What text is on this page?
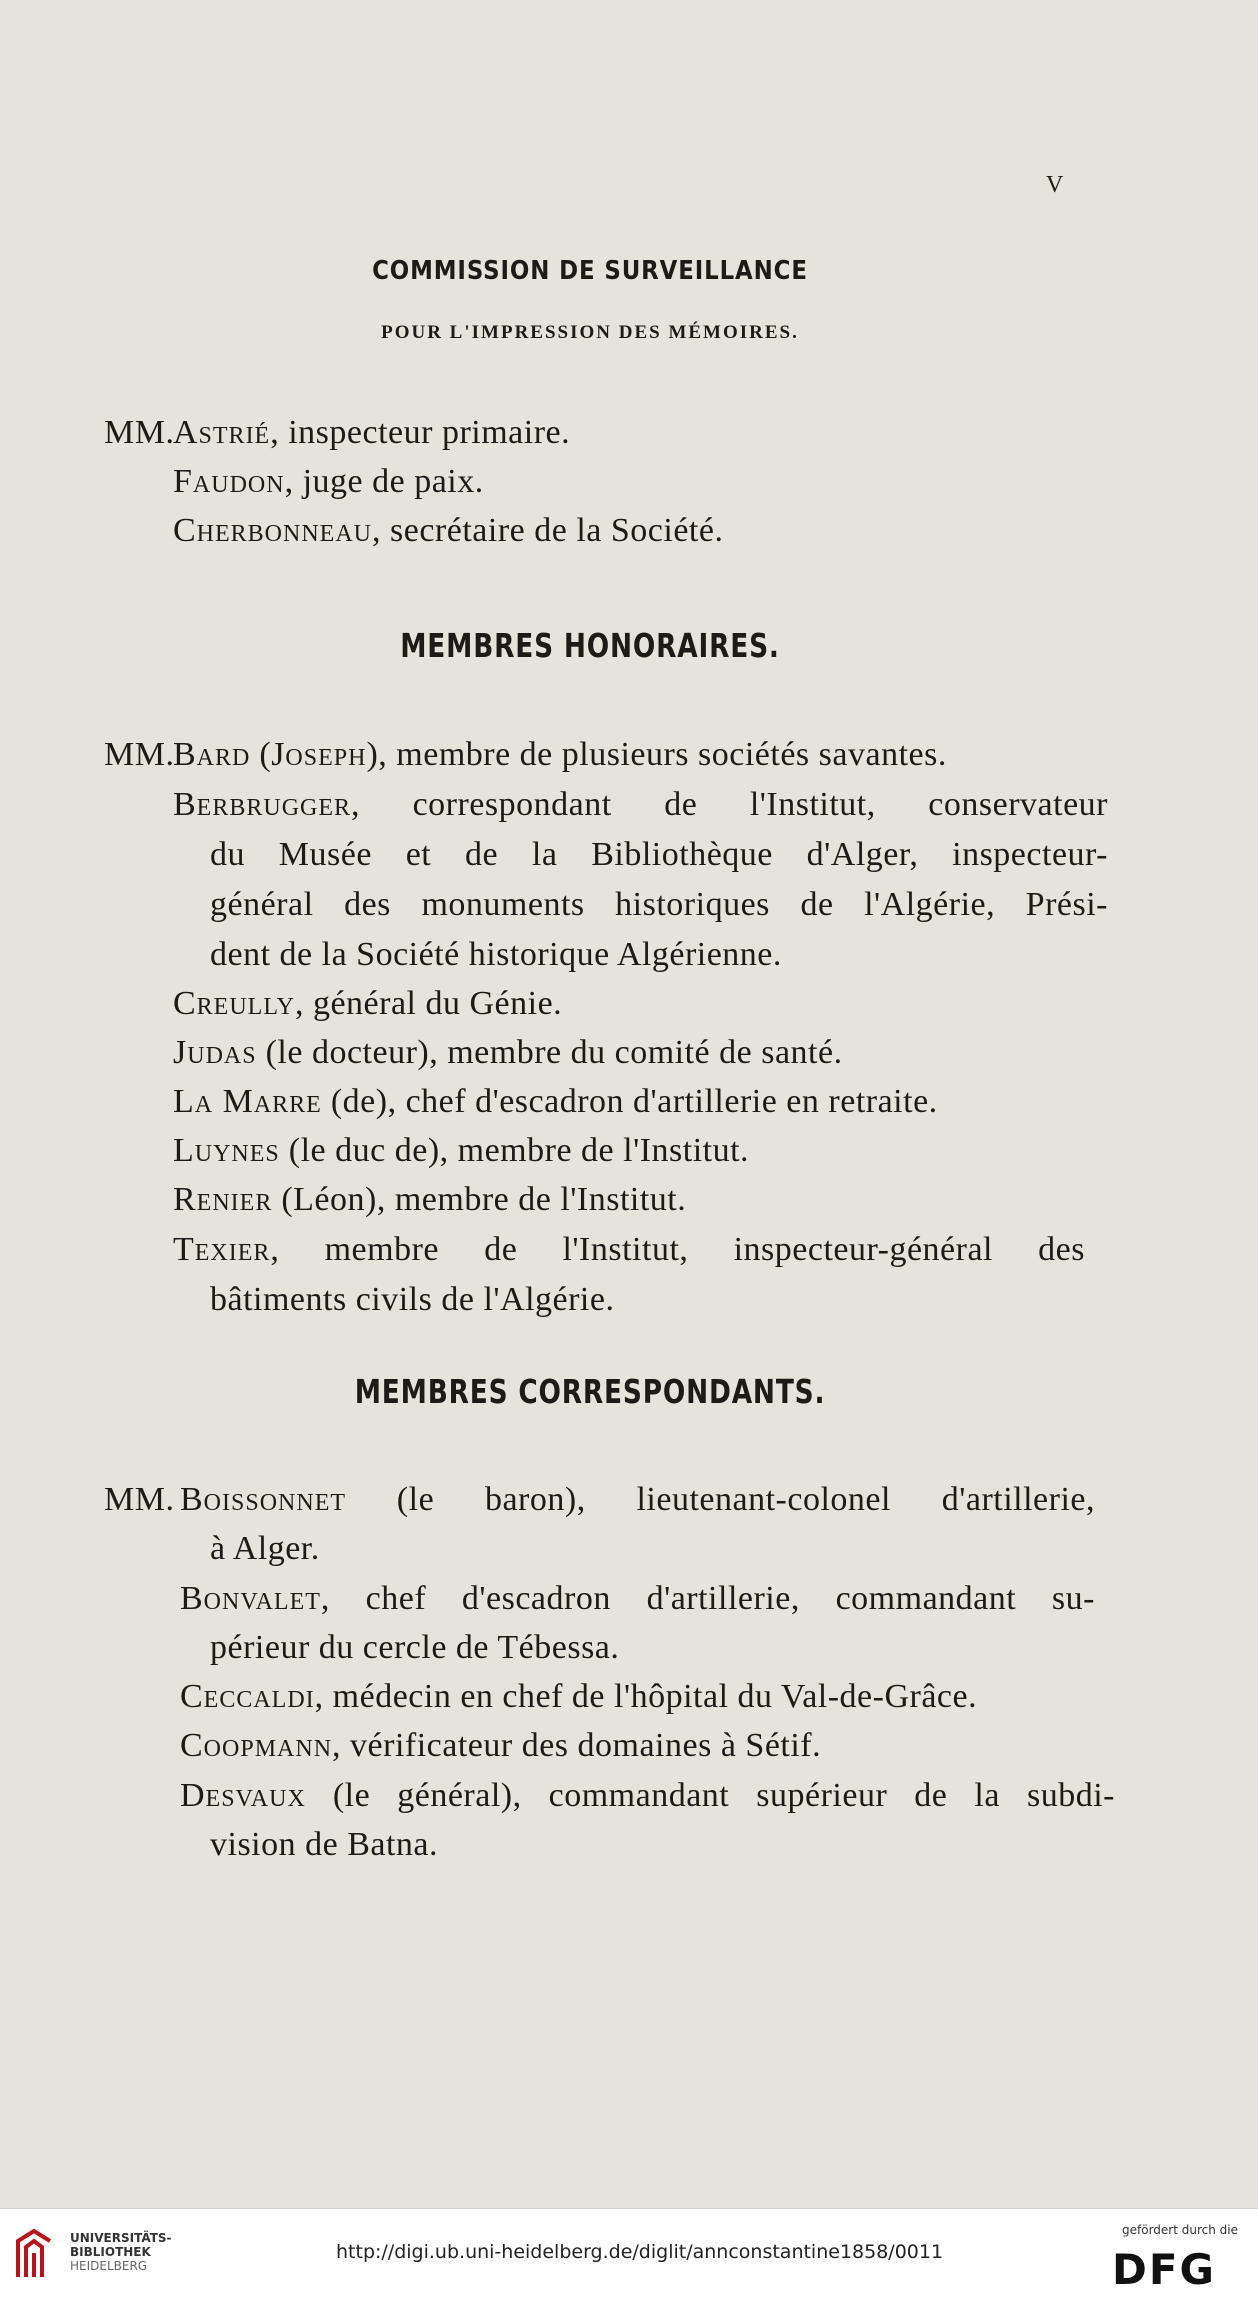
V
COMMISSION DE SURVEILLANCE
POUR L'IMPRESSION DES MÉMOIRES.
MM.
Astrié, inspecteur primaire.
Faudon, juge de paix.
Cherbonneau, secrétaire de la Société.
MEMBRES HONORAIRES.
MM.
Bard (Joseph), membre de plusieurs sociétés savantes.
Berbrugger, correspondant de l'Institut, conservateur
du Musée et de la Bibliothèque d'Alger, inspecteur-
général des monuments historiques de l'Algérie, Prési-
dent de la Société historique Algérienne.
Creully, général du Génie.
Judas (le docteur), membre du comité de santé.
La Marre (de), chef d'escadron d'artillerie en retraite.
Luynes (le duc de), membre de l'Institut.
Renier (Léon), membre de l'Institut.
Texier, membre de l'Institut, inspecteur-général des
bâtiments civils de l'Algérie.
MEMBRES CORRESPONDANTS.
MM. Boissonnet (le baron), lieutenant-colonel d'artillerie,
à Alger.
Bonvalet, chef d'escadron d'artillerie, commandant su-
périeur du cercle de Tébessa.
Ceccaldi, médecin en chef de l'hôpital du Val-de-Grâce.
Coopmann, vérificateur des domaines à Sétif.
Desvaux (le général), commandant supérieur de la subdi-
vision de Batna.
UNIVERSITÄTS-
BIBLIOTHEK
HEIDELBERG
http://digi.ub.uni-heidelberg.de/diglit/annconstantine1858/0011
gefördert durch die
DFG
